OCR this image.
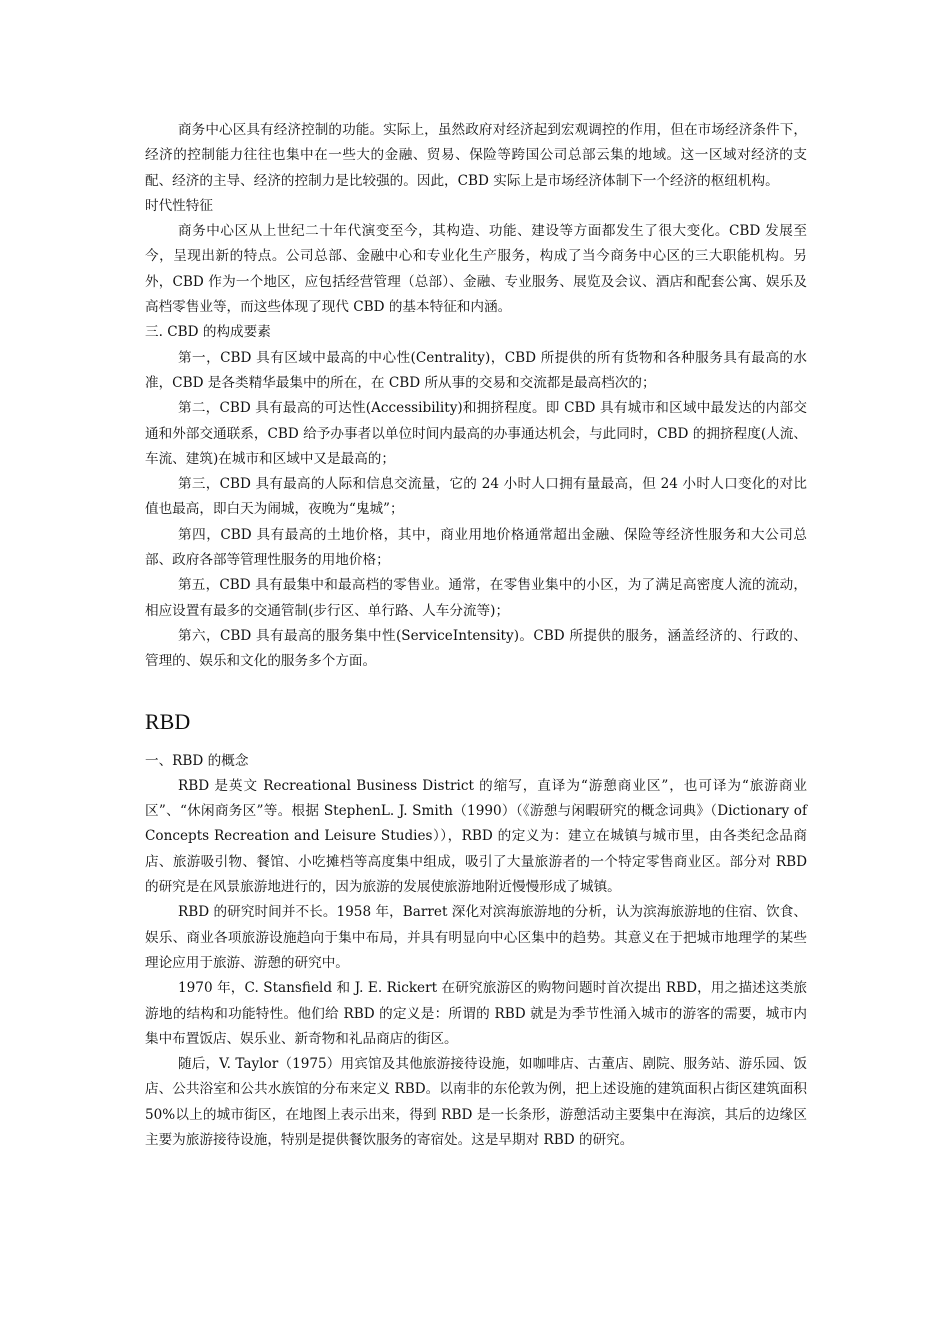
商务中心区具有经济控制的功能。实际上，虽然政府对经济起到宏观调控的作用，但在市场经济条件下，经济的控制能力往往也集中在一些大的金融、贸易、保险等跨国公司总部云集的地域。这一区域对经济的支配、经济的主导、经济的控制力是比较强的。因此，CBD 实际上是市场经济体制下一个经济的枢纽机构。

时代性特征

商务中心区从上世纪二十年代演变至今，其构造、功能、建设等方面都发生了很大变化。CBD 发展至今，呈现出新的特点。公司总部、金融中心和专业化生产服务，构成了当今商务中心区的三大职能机构。另外，CBD 作为一个地区，应包括经营管理（总部）、金融、专业服务、展览及会议、酒店和配套公寓、娱乐及高档零售业等，而这些体现了现代 CBD 的基本特征和内涵。

三. CBD 的构成要素

第一，CBD 具有区域中最高的中心性(Centrality)，CBD 所提供的所有货物和各种服务具有最高的水准，CBD 是各类精华最集中的所在，在 CBD 所从事的交易和交流都是最高档次的；

第二，CBD 具有最高的可达性(Accessibility)和拥挤程度。即 CBD 具有城市和区域中最发达的内部交通和外部交通联系，CBD 给予办事者以单位时间内最高的办事通达机会，与此同时，CBD 的拥挤程度(人流、车流、建筑)在城市和区域中又是最高的；

第三，CBD 具有最高的人际和信息交流量，它的 24 小时人口拥有量最高，但 24 小时人口变化的对比值也最高，即白天为闹城，夜晚为“鬼城”；

第四，CBD 具有最高的土地价格，其中，商业用地价格通常超出金融、保险等经济性服务和大公司总部、政府各部等管理性服务的用地价格；

第五，CBD 具有最集中和最高档的零售业。通常，在零售业集中的小区，为了满足高密度人流的流动，相应设置有最多的交通管制(步行区、单行路、人车分流等)；

第六，CBD 具有最高的服务集中性(ServiceIntensity)。CBD 所提供的服务，涵盖经济的、行政的、管理的、娱乐和文化的服务多个方面。

RBD

一、RBD 的概念

RBD 是英文 Recreational Business District 的缩写，直译为“游憩商业区”，也可译为“旅游商业区”、“休闲商务区”等。根据 StephenL. J. Smith（1990）（《游憩与闲暇研究的概念词典》（Dictionary of Concepts Recreation and Leisure Studies）），RBD 的定义为：建立在城镇与城市里，由各类纪念品商店、旅游吸引物、餐馆、小吃摊档等高度集中组成，吸引了大量旅游者的一个特定零售商业区。部分对 RBD 的研究是在风景旅游地进行的，因为旅游的发展使旅游地附近慢慢形成了城镇。

RBD 的研究时间并不长。1958 年，Barret 深化对滨海旅游地的分析，认为滨海旅游地的住宿、饮食、娱乐、商业各项旅游设施趋向于集中布局，并具有明显向中心区集中的趋势。其意义在于把城市地理学的某些理论应用于旅游、游憩的研究中。

1970 年，C. Stansfield 和 J. E. Rickert 在研究旅游区的购物问题时首次提出 RBD，用之描述这类旅游地的结构和功能特性。他们给 RBD 的定义是：所谓的 RBD 就是为季节性涌入城市的游客的需要，城市内集中布置饭店、娱乐业、新奇物和礼品商店的街区。

随后，V. Taylor（1975）用宾馆及其他旅游接待设施，如咖啡店、古董店、剧院、服务站、游乐园、饭店、公共浴室和公共水族馆的分布来定义 RBD。以南非的东伦敦为例，把上述设施的建筑面积占街区建筑面积 50%以上的城市街区，在地图上表示出来，得到 RBD 是一长条形，游憩活动主要集中在海滨，其后的边缘区主要为旅游接待设施，特别是提供餐饮服务的寄宿处。这是早期对 RBD 的研究。
